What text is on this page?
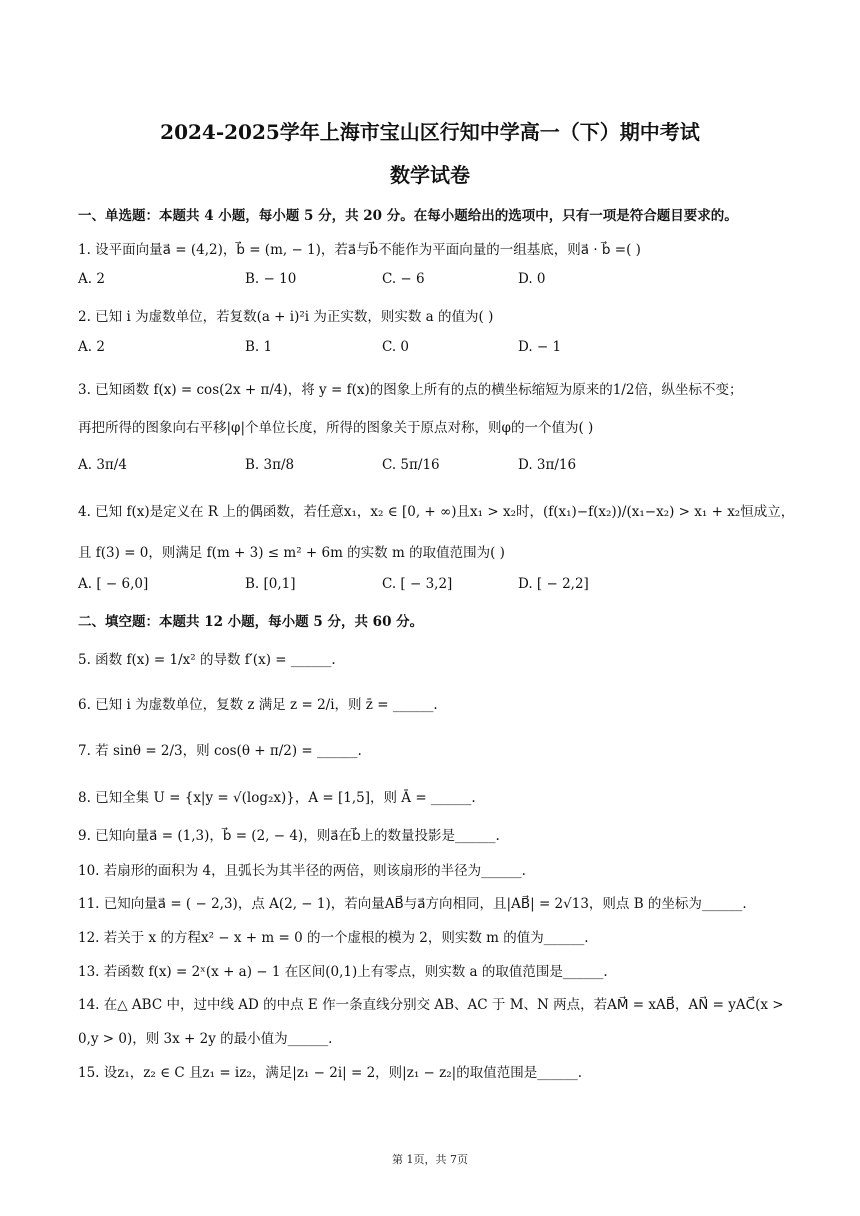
2024-2025学年上海市宝山区行知中学高一（下）期中考试
数学试卷
一、单选题：本题共 4 小题，每小题 5 分，共 20 分。在每小题给出的选项中，只有一项是符合题目要求的。
1. 设平面向量a⃗ = (4,2)，b⃗ = (m, − 1)，若a⃗与b⃗不能作为平面向量的一组基底，则a⃗ · b⃗ =( )
A. 2	B. − 10	C. − 6	D. 0
2. 已知 i 为虚数单位，若复数(a + i)²i 为正实数，则实数 a 的值为( )
A. 2	B. 1	C. 0	D. − 1
3. 已知函数 f(x) = cos(2x + π/4)，将 y = f(x)的图象上所有的点的横坐标缩短为原来的1/2倍，纵坐标不变；
再把所得的图象向右平移|φ|个单位长度，所得的图象关于原点对称，则φ的一个值为( )
A. 3π/4	B. 3π/8	C. 5π/16	D. 3π/16
4. 已知 f(x)是定义在 R 上的偶函数，若任意x₁，x₂ ∈ [0, + ∞)且x₁ > x₂时，(f(x₁)−f(x₂))/(x₁−x₂) > x₁ + x₂恒成立，
且 f(3) = 0，则满足 f(m + 3) ≤ m² + 6m 的实数 m 的取值范围为( )
A. [ − 6,0]	B. [0,1]	C. [ − 3,2]	D. [ − 2,2]
二、填空题：本题共 12 小题，每小题 5 分，共 60 分。
5. 函数 f(x) = 1/x² 的导数 f′(x) = ______.
6. 已知 i 为虚数单位，复数 z 满足 z = 2/i，则 z̄ = ______.
7. 若 sinθ = 2/3，则 cos(θ + π/2) = ______.
8. 已知全集 U = {x|y = √(log₂x)}，A = [1,5]，则 Ā = ______.
9. 已知向量a⃗ = (1,3)，b⃗ = (2, − 4)，则a⃗在b⃗上的数量投影是______.
10. 若扇形的面积为 4，且弧长为其半径的两倍，则该扇形的半径为______.
11. 已知向量a⃗ = ( − 2,3)，点 A(2, − 1)，若向量AB⃗与a⃗方向相同，且|AB⃗| = 2√13，则点 B 的坐标为______.
12. 若关于 x 的方程x² − x + m = 0 的一个虚根的模为 2，则实数 m 的值为______.
13. 若函数 f(x) = 2ˣ(x + a) − 1 在区间(0,1)上有零点，则实数 a 的取值范围是______.
14. 在△ ABC 中，过中线 AD 的中点 E 作一条直线分别交 AB、AC 于 M、N 两点，若AM⃗ = xAB⃗，AN⃗ = yAC⃗(x >
0,y > 0)，则 3x + 2y 的最小值为______.
15. 设z₁，z₂ ∈ C 且z₁ = iz₂，满足|z₁ − 2i| = 2，则|z₁ − z₂|的取值范围是______.
第 1页，共 7页
